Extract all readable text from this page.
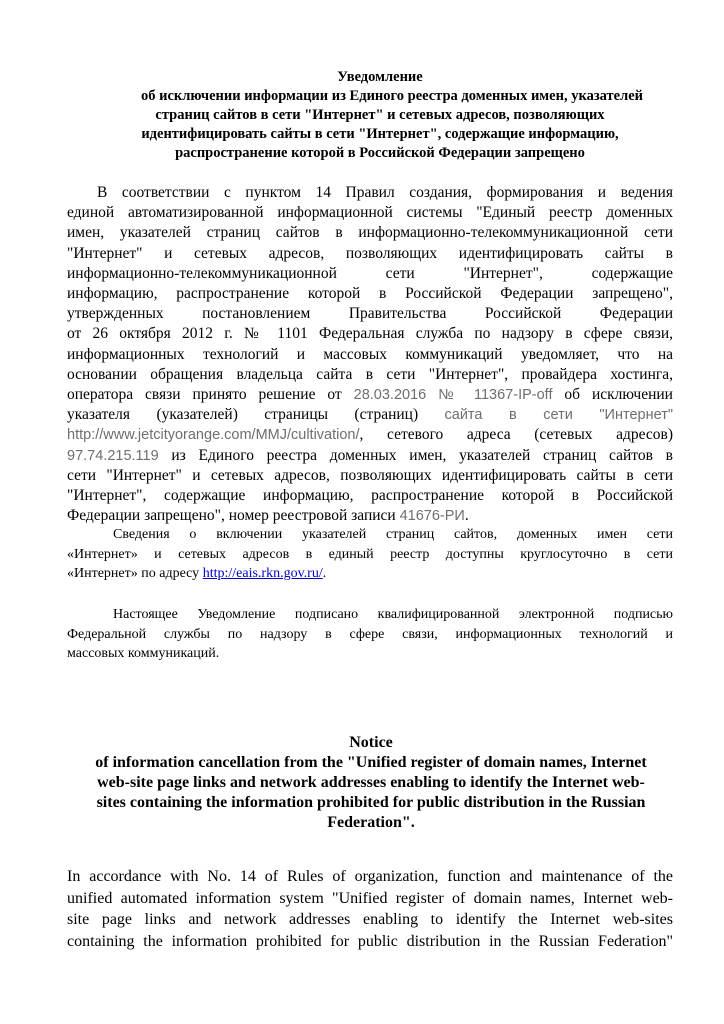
Уведомление
об исключении информации из Единого реестра доменных имен, указателей
страниц сайтов в сети "Интернет" и сетевых адресов, позволяющих
идентифицировать сайты в сети "Интернет", содержащие информацию,
распространение которой в Российской Федерации запрещено
В соответствии с пунктом 14 Правил создания, формирования и ведения
единой автоматизированной информационной системы "Единый реестр доменных
имен, указателей страниц сайтов в информационно-телекоммуникационной сети
"Интернет" и сетевых адресов, позволяющих идентифицировать сайты в
информационно-телекоммуникационной сети "Интернет", содержащие
информацию, распространение которой в Российской Федерации запрещено",
утвержденных постановлением Правительства Российской Федерации
от 26 октября 2012 г. № 1101 Федеральная служба по надзору в сфере связи,
информационных технологий и массовых коммуникаций уведомляет, что на
основании обращения владельца сайта в сети "Интернет", провайдера хостинга,
оператора связи принято решение от 28.03.2016 № 11367-IP-off об исключении
указателя (указателей) страницы (страниц) сайта в сети "Интернет"
http://www.jetcityorange.com/MMJ/cultivation/, сетевого адреса (сетевых адресов)
97.74.215.119 из Единого реестра доменных имен, указателей страниц сайтов в
сети "Интернет" и сетевых адресов, позволяющих идентифицировать сайты в сети
"Интернет", содержащие информацию, распространение которой в Российской
Федерации запрещено", номер реестровой записи 41676-РИ.
Сведения о включении указателей страниц сайтов, доменных имен сети
«Интернет» и сетевых адресов в единый реестр доступны круглосуточно в сети
«Интернет» по адресу http://eais.rkn.gov.ru/.
Настоящее Уведомление подписано квалифицированной электронной подписью
Федеральной службы по надзору в сфере связи, информационных технологий и
массовых коммуникаций.
Notice
of information cancellation from the "Unified register of domain names, Internet
web-site page links and network addresses enabling to identify the Internet web-
sites containing the information prohibited for public distribution in the Russian
Federation".
In accordance with No. 14 of Rules of organization, function and maintenance of the
unified automated information system "Unified register of domain names, Internet web-
site page links and network addresses enabling to identify the Internet web-sites
containing the information prohibited for public distribution in the Russian Federation"
